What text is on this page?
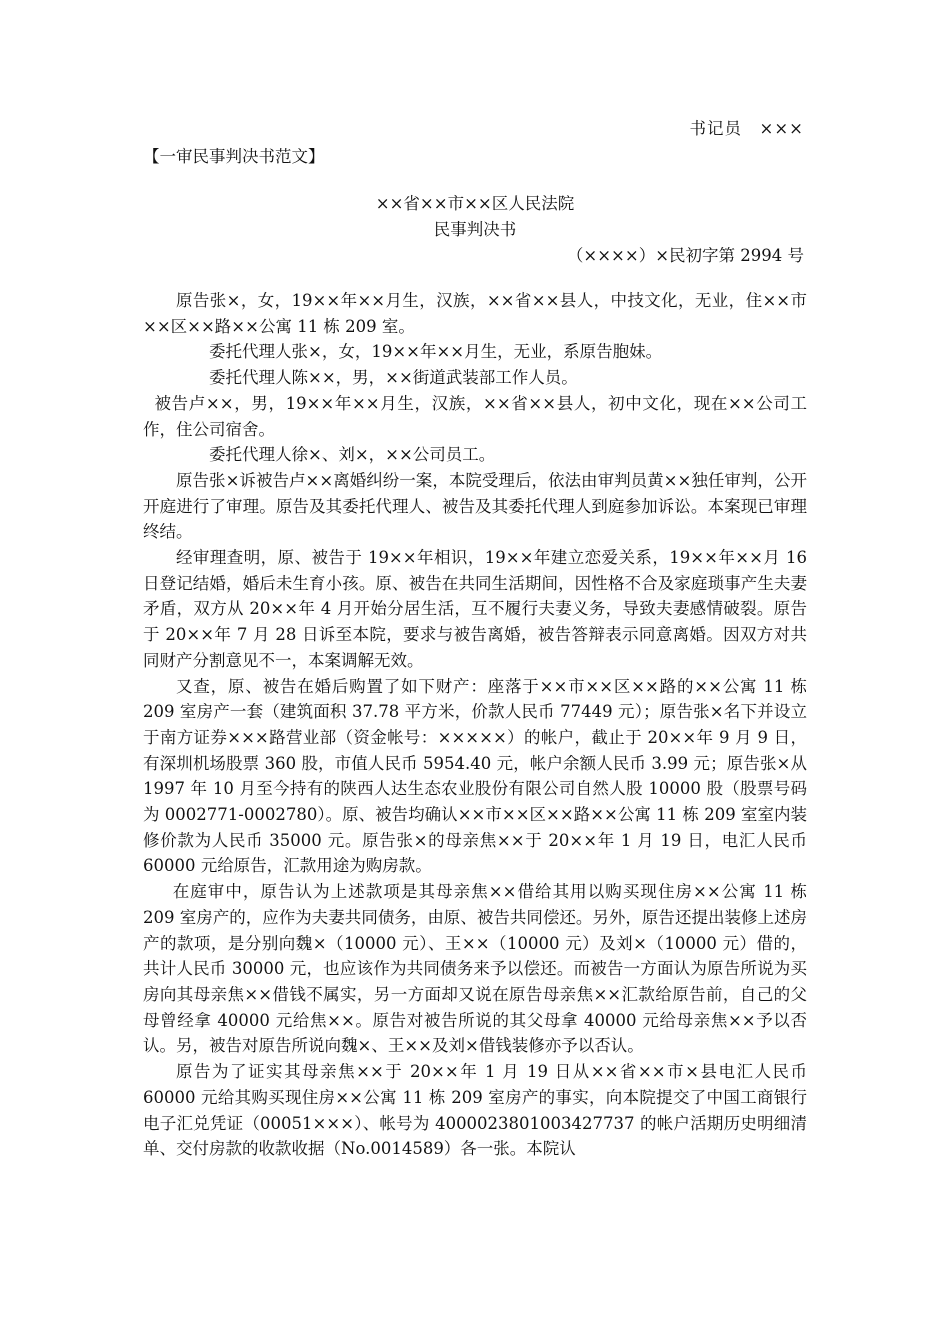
书记员　×××
【一审民事判决书范文】
××省××市××区人民法院
民事判决书
（××××）×民初字第 2994 号

原告张×，女，19××年××月生，汉族，××省××县人，中技文化，无业，住××市××区××路××公寓 11 栋 209 室。

委托代理人张×，女，19××年××月生，无业，系原告胞妹。

委托代理人陈××，男，××街道武装部工作人员。

被告卢××，男，19××年××月生，汉族，××省××县人，初中文化，现在××公司工作，住公司宿舍。

委托代理人徐×、刘×，××公司员工。

原告张×诉被告卢××离婚纠纷一案，本院受理后，依法由审判员黄××独任审判，公开开庭进行了审理。原告及其委托代理人、被告及其委托代理人到庭参加诉讼。本案现已审理终结。

经审理查明，原、被告于 19××年相识，19××年建立恋爱关系，19××年××月 16 日登记结婚，婚后未生育小孩。原、被告在共同生活期间，因性格不合及家庭琐事产生夫妻矛盾，双方从 20××年 4 月开始分居生活，互不履行夫妻义务，导致夫妻感情破裂。原告于 20××年 7 月 28 日诉至本院，要求与被告离婚，被告答辩表示同意离婚。因双方对共同财产分割意见不一，本案调解无效。

又查，原、被告在婚后购置了如下财产：座落于××市××区××路的××公寓 11 栋 209 室房产一套（建筑面积 37.78 平方米，价款人民币 77449 元）；原告张×名下并设立于南方证券×××路营业部（资金帐号：×××××）的帐户，截止于 20××年 9 月 9 日，有深圳机场股票 360 股，市值人民币 5954.40 元，帐户余额人民币 3.99 元；原告张×从 1997 年 10 月至今持有的陕西人达生态农业股份有限公司自然人股 10000 股（股票号码为 0002771-0002780）。原、被告均确认××市××区××路××公寓 11 栋 209 室室内装修价款为人民币 35000 元。原告张×的母亲焦××于 20××年 1 月 19 日，电汇人民币 60000 元给原告，汇款用途为购房款。

在庭审中，原告认为上述款项是其母亲焦××借给其用以购买现住房××公寓 11 栋 209 室房产的，应作为夫妻共同债务，由原、被告共同偿还。另外，原告还提出装修上述房产的款项，是分别向魏×（10000 元）、王××（10000 元）及刘×（10000 元）借的，共计人民币 30000 元，也应该作为共同债务来予以偿还。而被告一方面认为原告所说为买房向其母亲焦××借钱不属实，另一方面却又说在原告母亲焦××汇款给原告前，自己的父母曾经拿 40000 元给焦××。原告对被告所说的其父母拿 40000 元给母亲焦××予以否认。另，被告对原告所说向魏×、王××及刘×借钱装修亦予以否认。

原告为了证实其母亲焦××于 20××年 1 月 19 日从××省××市×县电汇人民币 60000 元给其购买现住房××公寓 11 栋 209 室房产的事实，向本院提交了中国工商银行电子汇兑凭证（00051×××）、帐号为 4000023801003427737 的帐户活期历史明细清单、交付房款的收款收据（No.0014589）各一张。本院认
